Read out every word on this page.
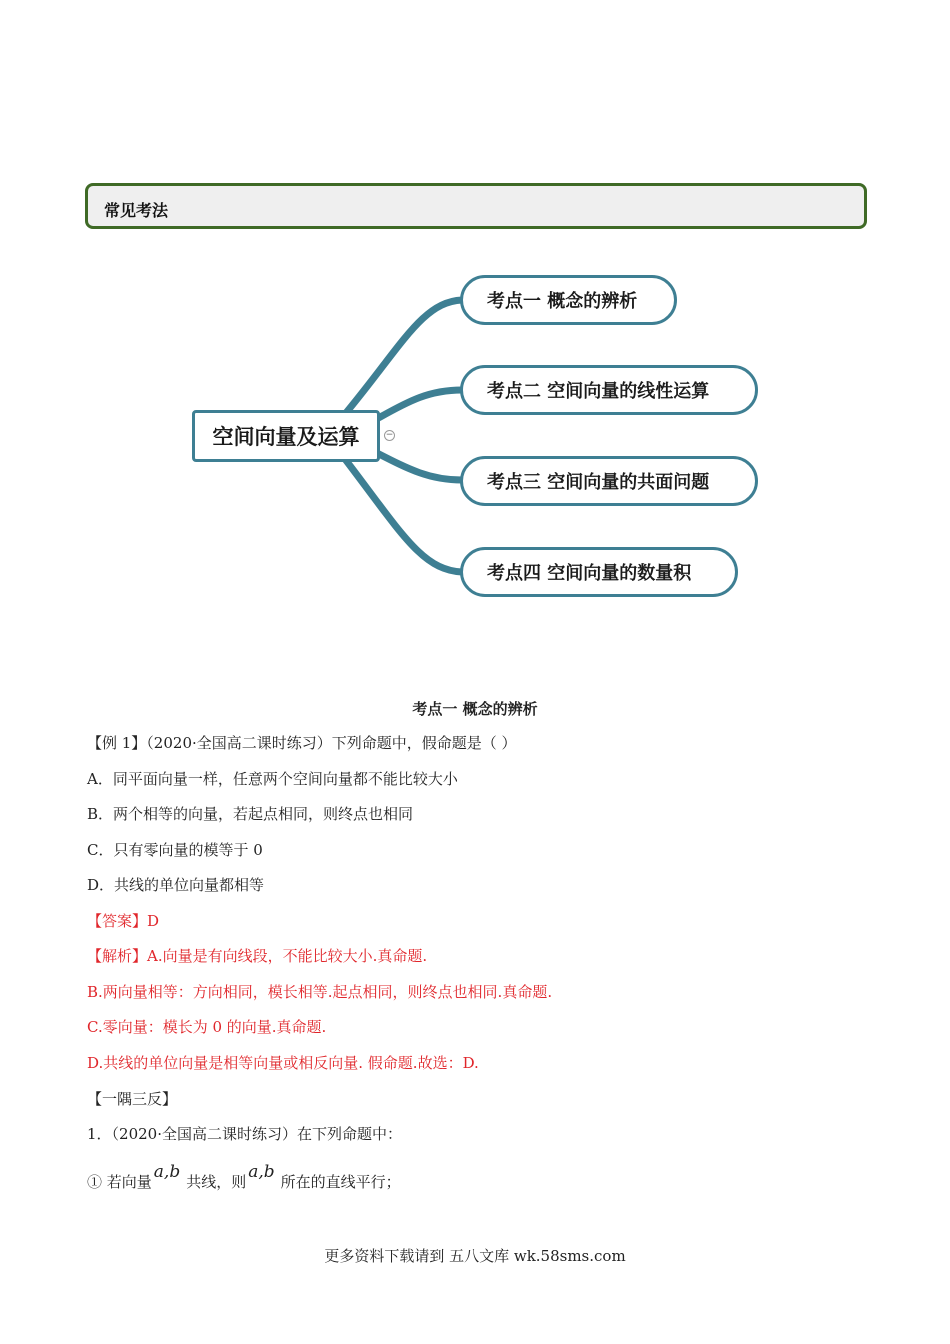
常见考法
空间向量及运算	−
考点一 概念的辨析
考点二 空间向量的线性运算
考点三 空间向量的共面问题
考点四 空间向量的数量积
考点一 概念的辨析
【例 1】（2020·全国高二课时练习）下列命题中，假命题是（ ）
A．同平面向量一样，任意两个空间向量都不能比较大小
B．两个相等的向量，若起点相同，则终点也相同
C．只有零向量的模等于 0
D．共线的单位向量都相等
【答案】D
【解析】A.向量是有向线段，不能比较大小.真命题.
B.两向量相等：方向相同，模长相等.起点相同，则终点也相同.真命题.
C.零向量：模长为 0 的向量.真命题.
D.共线的单位向量是相等向量或相反向量. 假命题.故选：D.
【一隅三反】
1．（2020·全国高二课时练习）在下列命题中：
① 若向量 a,b 共线，则 a,b 所在的直线平行；
更多资料下载请到 五八文库 wk.58sms.com
